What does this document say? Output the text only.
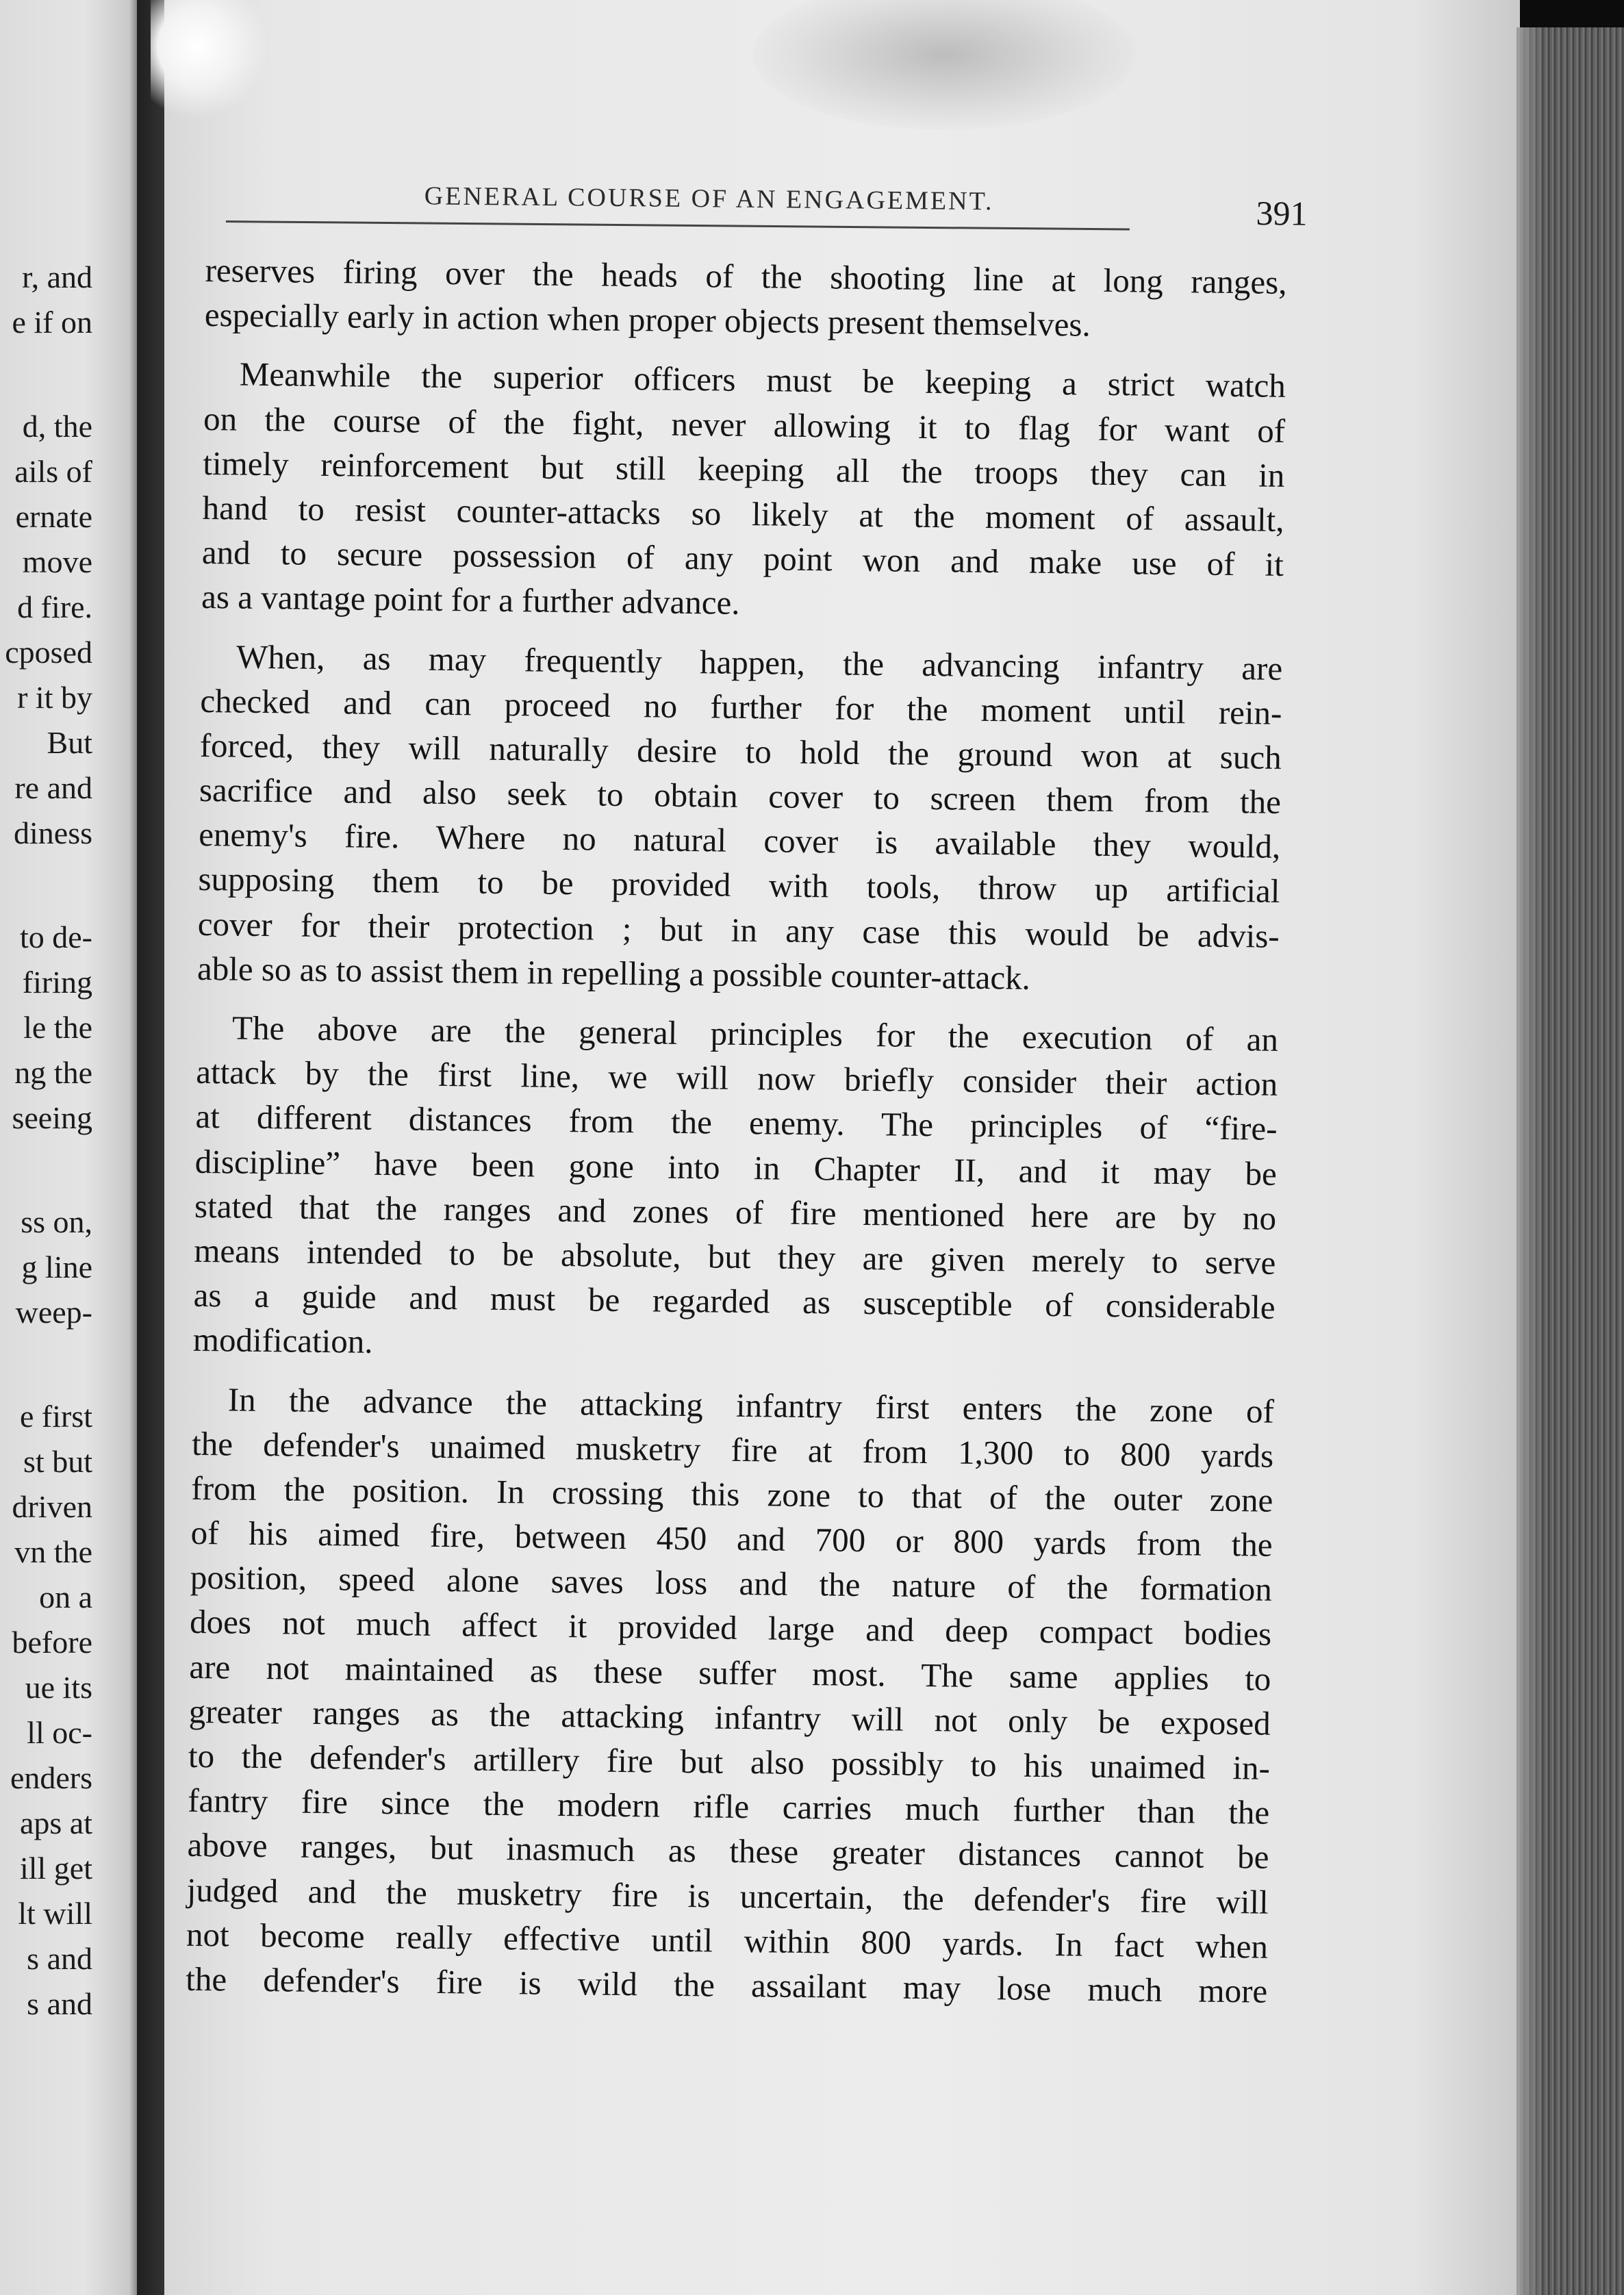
r, and
e if on
d, the
ails of
ernate
move
d fire.
cposed
r it by
But
re and
diness
to de-
firing
le the
ng the
seeing
ss on,
g line
weep-
e first
st but
driven
vn the
on a
before
ue its
ll oc-
enders
aps at
ill get
lt will
s and
s and
GENERAL COURSE OF AN ENGAGEMENT.	391
reserves firing over the heads of the shooting line at long ranges,
especially early in action when proper objects present themselves.
Meanwhile the superior officers must be keeping a strict watch
on the course of the fight, never allowing it to flag for want of
timely reinforcement but still keeping all the troops they can in
hand to resist counter-attacks so likely at the moment of assault,
and to secure possession of any point won and make use of it
as a vantage point for a further advance.
When, as may frequently happen, the advancing infantry are
checked and can proceed no further for the moment until rein-
forced, they will naturally desire to hold the ground won at such
sacrifice and also seek to obtain cover to screen them from the
enemy's fire. Where no natural cover is available they would,
supposing them to be provided with tools, throw up artificial
cover for their protection ; but in any case this would be advis-
able so as to assist them in repelling a possible counter-attack.
The above are the general principles for the execution of an
attack by the first line, we will now briefly consider their action
at different distances from the enemy. The principles of “fire-
discipline” have been gone into in Chapter II, and it may be
stated that the ranges and zones of fire mentioned here are by no
means intended to be absolute, but they are given merely to serve
as a guide and must be regarded as susceptible of considerable
modification.
In the advance the attacking infantry first enters the zone of
the defender's unaimed musketry fire at from 1,300 to 800 yards
from the position. In crossing this zone to that of the outer zone
of his aimed fire, between 450 and 700 or 800 yards from the
position, speed alone saves loss and the nature of the formation
does not much affect it provided large and deep compact bodies
are not maintained as these suffer most. The same applies to
greater ranges as the attacking infantry will not only be exposed
to the defender's artillery fire but also possibly to his unaimed in-
fantry fire since the modern rifle carries much further than the
above ranges, but inasmuch as these greater distances cannot be
judged and the musketry fire is uncertain, the defender's fire will
not become really effective until within 800 yards. In fact when
the defender's fire is wild the assailant may lose much more
